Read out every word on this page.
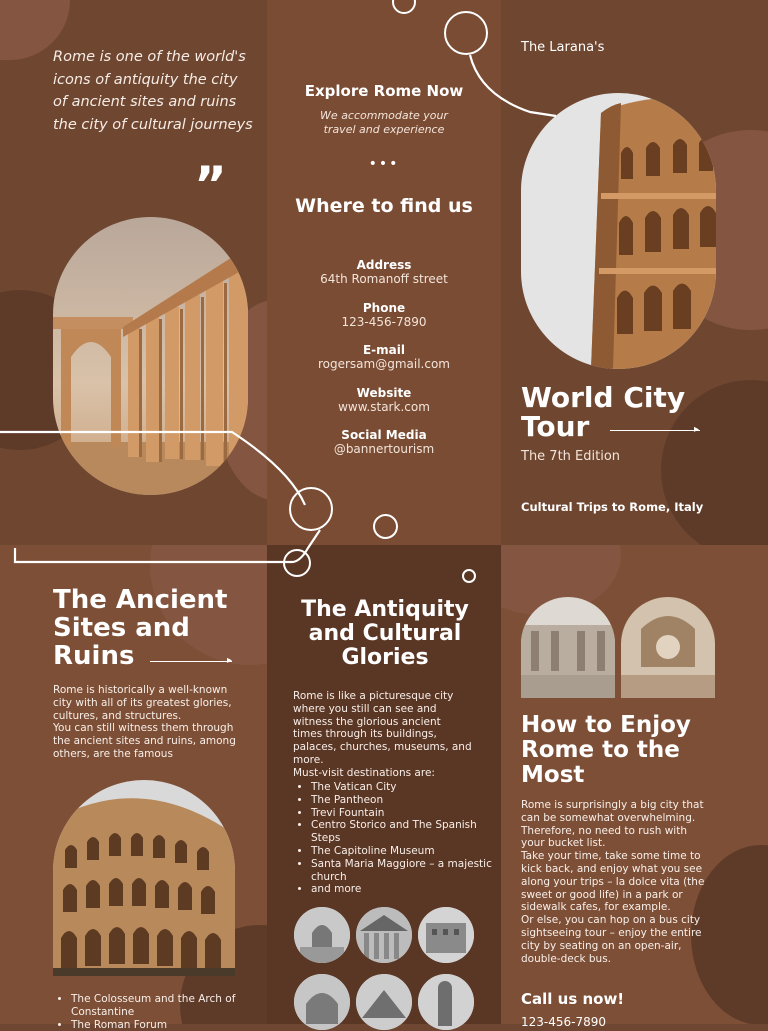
Rome is one of the world's icons of antiquity the city of ancient sites and ruins the city of cultural journeys
”
Explore Rome Now
We accommodate your travel and experience
•••
Where to find us
Address
64th Romanoff street
Phone
123-456-7890
E-mail
rogersam@gmail.com
Website
www.stark.com
Social Media
@bannertourism
The Larana's
World City
Tour	▸
The 7th Edition
Cultural Trips to Rome, Italy
The Ancient Sites and Ruins	▸
Rome is historically a well-known city with all of its greatest glories, cultures, and structures.
You can still witness them through the ancient sites and ruins, among others, are the famous
• The Colosseum and the Arch of Constantine
• The Roman Forum
The Antiquity and Cultural Glories
Rome is like a picturesque city where you still can see and witness the glorious ancient times through its buildings, palaces, churches, museums, and more.
Must-visit destinations are:
• The Vatican City
• The Pantheon
• Trevi Fountain
• Centro Storico and The Spanish Steps
• The Capitoline Museum
• Santa Maria Maggiore – a majestic church
• and more
How to Enjoy Rome to the Most
Rome is surprisingly a big city that can be somewhat overwhelming. Therefore, no need to rush with your bucket list.
Take your time, take some time to kick back, and enjoy what you see along your trips – la dolce vita (the sweet or good life) in a park or sidewalk cafes, for example.
Or else, you can hop on a bus city sightseeing tour – enjoy the entire city by seating on an open-air, double-deck bus.
Call us now!
123-456-7890
